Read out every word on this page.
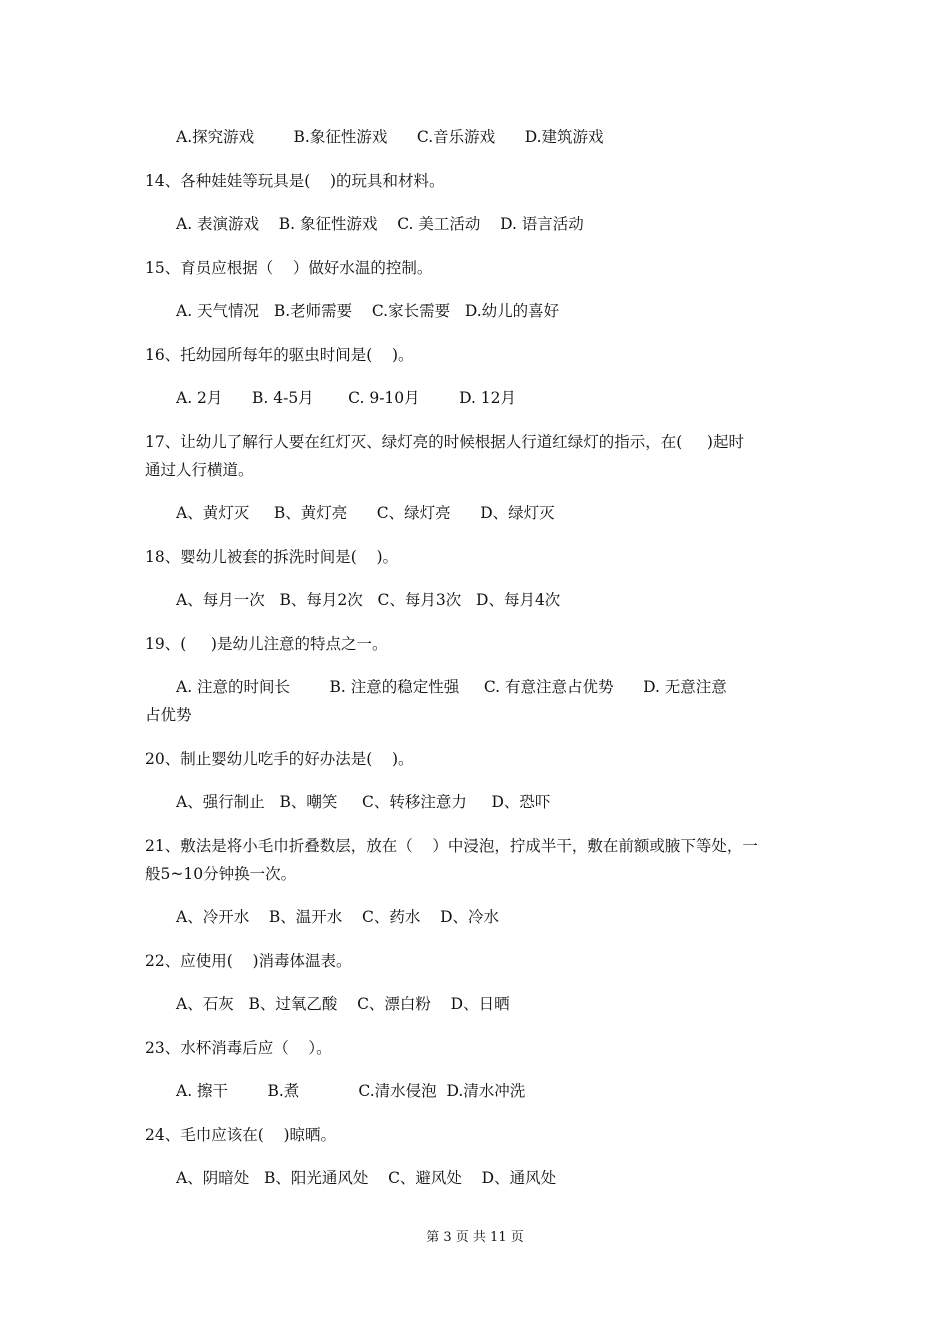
A.探究游戏        B.象征性游戏      C.音乐游戏      D.建筑游戏
14、各种娃娃等玩具是(    )的玩具和材料。
A. 表演游戏    B. 象征性游戏    C. 美工活动    D. 语言活动
15、育员应根据（    ）做好水温的控制。
A. 天气情况   B.老师需要    C.家长需要   D.幼儿的喜好
16、托幼园所每年的驱虫时间是(    )。
A. 2月      B. 4-5月       C. 9-10月        D. 12月
17、让幼儿了解行人要在红灯灭、绿灯亮的时候根据人行道红绿灯的指示，在(     )起时
通过人行横道。
A、黄灯灭     B、黄灯亮      C、绿灯亮      D、绿灯灭
18、婴幼儿被套的拆洗时间是(    )。
A、每月一次   B、每月2次   C、每月3次   D、每月4次
19、(     )是幼儿注意的特点之一。
A. 注意的时间长        B. 注意的稳定性强     C. 有意注意占优势      D. 无意注意
占优势
20、制止婴幼儿吃手的好办法是(    )。
A、强行制止   B、嘲笑     C、转移注意力     D、恐吓
21、敷法是将小毛巾折叠数层，放在（    ）中浸泡，拧成半干，敷在前额或腋下等处，一
般5~10分钟换一次。
A、冷开水    B、温开水    C、药水    D、冷水
22、应使用(    )消毒体温表。
A、石灰   B、过氧乙酸    C、漂白粉    D、日晒
23、水杯消毒后应（    ）。
A. 擦干        B.煮            C.清水侵泡  D.清水冲洗
24、毛巾应该在(    )晾晒。
A、阴暗处   B、阳光通风处    C、避风处    D、通风处
第 3 页 共 11 页
